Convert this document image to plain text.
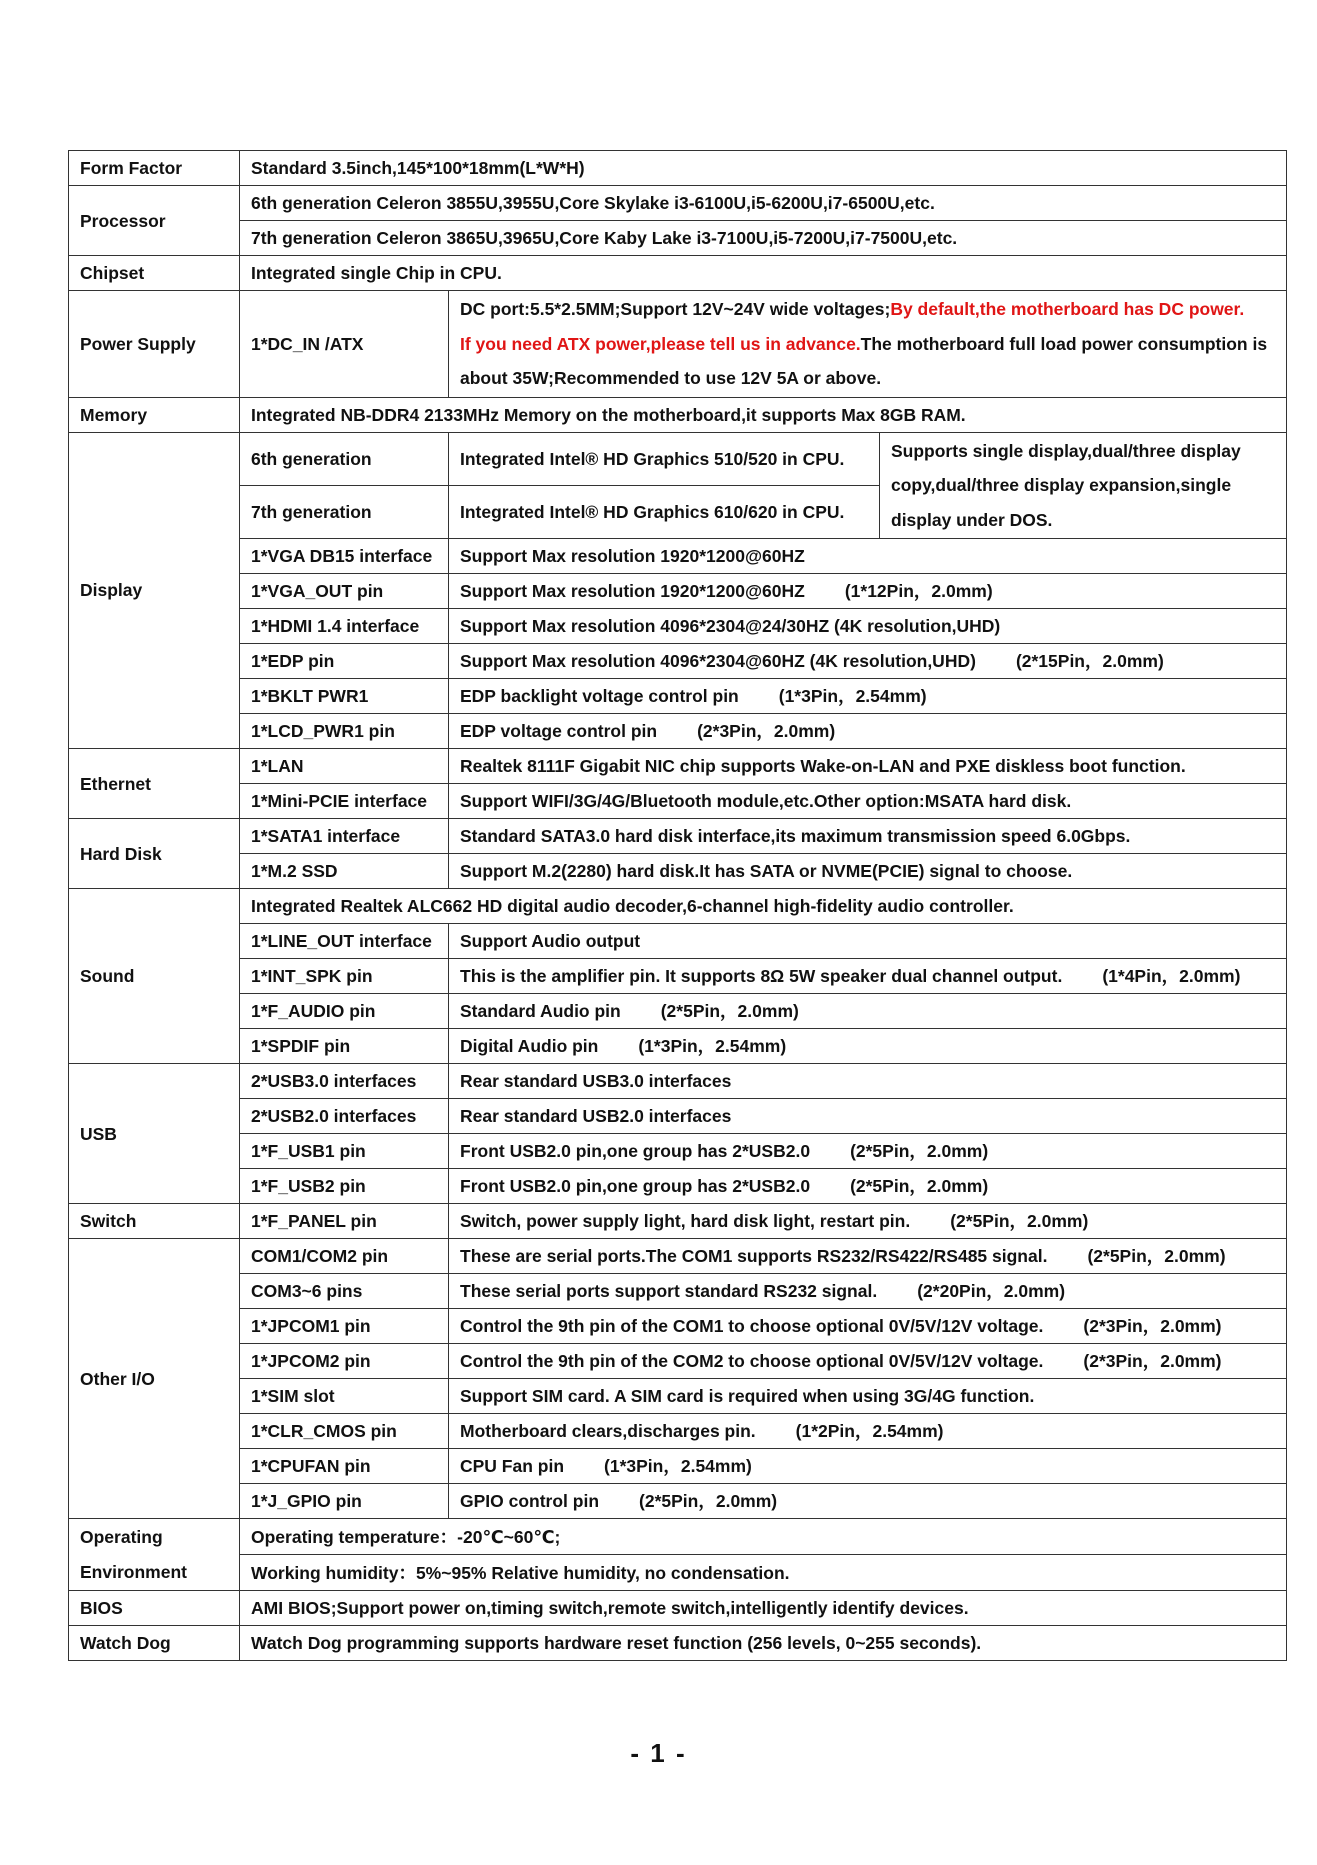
Form Factor	Standard 3.5inch,145*100*18mm(L*W*H)		
Processor	6th generation Celeron 3855U,3955U,Core Skylake i3-6100U,i5-6200U,i7-6500U,etc.		
	7th generation Celeron 3865U,3965U,Core Kaby Lake i3-7100U,i5-7200U,i7-7500U,etc.		
Chipset	Integrated single Chip in CPU.		
Power Supply	1*DC_IN /ATX	DC port:5.5*2.5MM;Support 12V~24V wide voltages;By default,the motherboard has DC power.
If you need ATX power,please tell us in advance.The motherboard full load power consumption is about 35W;Recommended to use 12V 5A or above.	
Memory	Integrated NB-DDR4 2133MHz Memory on the motherboard,it supports Max 8GB RAM.		
Display	6th generation	Integrated Intel® HD Graphics 510/520 in CPU.	Supports single display,dual/three display copy,dual/three display expansion,single display under DOS.
	7th generation	Integrated Intel® HD Graphics 610/620 in CPU.	
	1*VGA DB15 interface	Support Max resolution 1920*1200@60HZ	
	1*VGA_OUT pin	Support Max resolution 1920*1200@60HZ (1*12Pin，2.0mm)	
	1*HDMI 1.4 interface	Support Max resolution 4096*2304@24/30HZ (4K resolution,UHD)	
	1*EDP pin	Support Max resolution 4096*2304@60HZ (4K resolution,UHD) (2*15Pin，2.0mm)	
	1*BKLT PWR1	EDP backlight voltage control pin (1*3Pin，2.54mm)	
	1*LCD_PWR1 pin	EDP voltage control pin (2*3Pin，2.0mm)	
Ethernet	1*LAN	Realtek 8111F Gigabit NIC chip supports Wake-on-LAN and PXE diskless boot function.	
	1*Mini-PCIE interface	Support WIFI/3G/4G/Bluetooth module,etc.Other option:MSATA hard disk.	
Hard Disk	1*SATA1 interface	Standard SATA3.0 hard disk interface,its maximum transmission speed 6.0Gbps.	
	1*M.2 SSD	Support M.2(2280) hard disk.It has SATA or NVME(PCIE) signal to choose.	
Sound	Integrated Realtek ALC662 HD digital audio decoder,6-channel high-fidelity audio controller.		
	1*LINE_OUT interface	Support Audio output	
	1*INT_SPK pin	This is the amplifier pin. It supports 8Ω 5W speaker dual channel output. (1*4Pin，2.0mm)	
	1*F_AUDIO pin	Standard Audio pin (2*5Pin，2.0mm)	
	1*SPDIF pin	Digital Audio pin (1*3Pin，2.54mm)	
USB	2*USB3.0 interfaces	Rear standard USB3.0 interfaces	
	2*USB2.0 interfaces	Rear standard USB2.0 interfaces	
	1*F_USB1 pin	Front USB2.0 pin,one group has 2*USB2.0 (2*5Pin，2.0mm)	
	1*F_USB2 pin	Front USB2.0 pin,one group has 2*USB2.0 (2*5Pin，2.0mm)	
Switch	1*F_PANEL pin	Switch, power supply light, hard disk light, restart pin. (2*5Pin，2.0mm)	
Other I/O	COM1/COM2 pin	These are serial ports.The COM1 supports RS232/RS422/RS485 signal. (2*5Pin，2.0mm)	
	COM3~6 pins	These serial ports support standard RS232 signal. (2*20Pin，2.0mm)	
	1*JPCOM1 pin	Control the 9th pin of the COM1 to choose optional 0V/5V/12V voltage. (2*3Pin，2.0mm)	
	1*JPCOM2 pin	Control the 9th pin of the COM2 to choose optional 0V/5V/12V voltage. (2*3Pin，2.0mm)	
	1*SIM slot	Support SIM card. A SIM card is required when using 3G/4G function.	
	1*CLR_CMOS pin	Motherboard clears,discharges pin. (1*2Pin，2.54mm)	
	1*CPUFAN pin	CPU Fan pin (1*3Pin，2.54mm)	
	1*J_GPIO pin	GPIO control pin (2*5Pin，2.0mm)	
Operating Environment	Operating temperature：-20℃~60℃;		
	Working humidity：5%~95% Relative humidity, no condensation.		
BIOS	AMI BIOS;Support power on,timing switch,remote switch,intelligently identify devices.		
Watch Dog	Watch Dog programming supports hardware reset function (256 levels, 0~255 seconds).		
- 1 -
